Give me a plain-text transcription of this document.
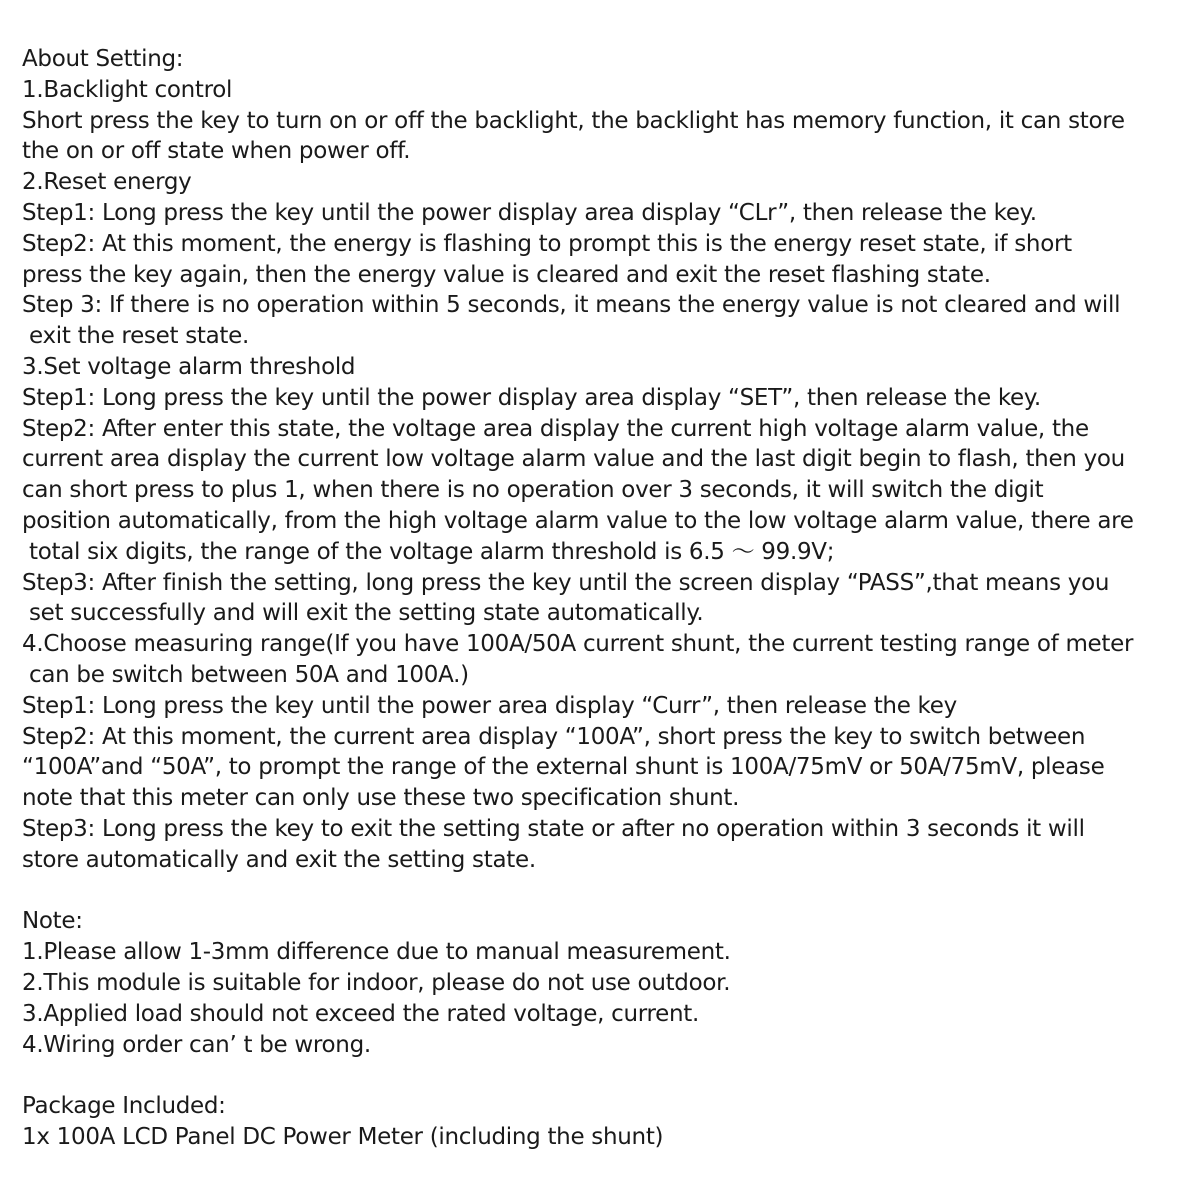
About Setting:
1.Backlight control
Short press the key to turn on or off the backlight, the backlight has memory function, it can store
the on or off state when power off.
2.Reset energy
Step1: Long press the key until the power display area display “CLr”, then release the key.
Step2: At this moment, the energy is flashing to prompt this is the energy reset state, if short
press the key again, then the energy value is cleared and exit the reset flashing state.
Step 3: If there is no operation within 5 seconds, it means the energy value is not cleared and will
exit the reset state.
3.Set voltage alarm threshold
Step1: Long press the key until the power display area display “SET”, then release the key.
Step2: After enter this state, the voltage area display the current high voltage alarm value, the
current area display the current low voltage alarm value and the last digit begin to flash, then you
can short press to plus 1, when there is no operation over 3 seconds, it will switch the digit
position automatically, from the high voltage alarm value to the low voltage alarm value, there are
total six digits, the range of the voltage alarm threshold is 6.5 ～ 99.9V;
Step3: After finish the setting, long press the key until the screen display “PASS”,that means you
set successfully and will exit the setting state automatically.
4.Choose measuring range(If you have 100A/50A current shunt, the current testing range of meter
can be switch between 50A and 100A.)
Step1: Long press the key until the power area display “Curr”, then release the key
Step2: At this moment, the current area display “100A”, short press the key to switch between
“100A”and “50A”, to prompt the range of the external shunt is 100A/75mV or 50A/75mV, please
note that this meter can only use these two specification shunt.
Step3: Long press the key to exit the setting state or after no operation within 3 seconds it will
store automatically and exit the setting state.
Note:
1.Please allow 1-3mm difference due to manual measurement.
2.This module is suitable for indoor, please do not use outdoor.
3.Applied load should not exceed the rated voltage, current.
4.Wiring order can’ t be wrong.
Package Included:
1x 100A LCD Panel DC Power Meter (including the shunt)
